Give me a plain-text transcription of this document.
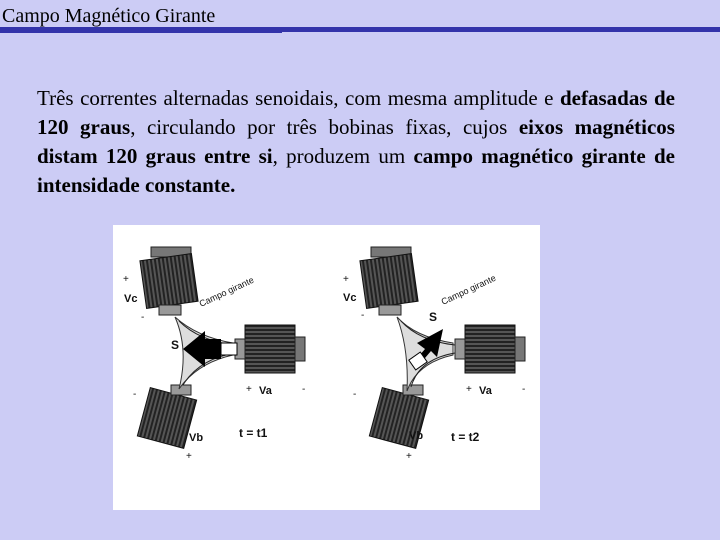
Campo Magnético Girante
Três correntes alternadas senoidais, com mesma amplitude e defasadas de 120 graus, circulando por três bobinas fixas, cujos eixos magnéticos distam 120 graus entre si, produzem um campo magnético girante de intensidade constante.
Campo girante
S
Vc
+
-
Va
+	-
Vb
+
-
t = t1
Campo girante
S
Vc
+
-
Va
+	-
Vb
+
-
t = t2
